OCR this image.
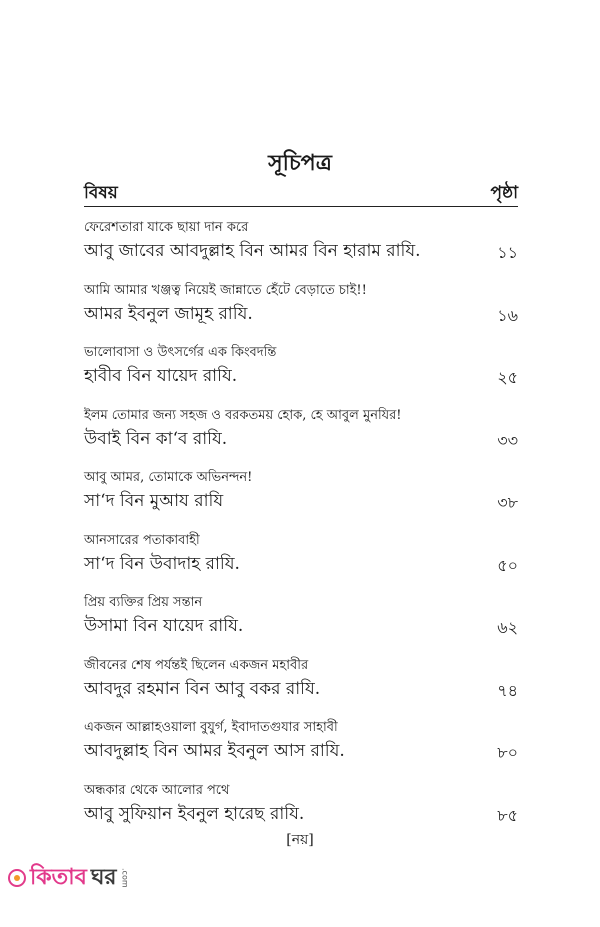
সূচিপত্র
বিষয়	পৃষ্ঠা
ফেরেশতারা যাকে ছায়া দান করে
আবু জাবের আবদুল্লাহ বিন আমর বিন হারাম রাযি.	১১
আমি আমার খঞ্জত্ব নিয়েই জান্নাতে হেঁটে বেড়াতে চাই!!
আমর ইবনুল জামূহ রাযি.	১৬
ভালোবাসা ও উৎসর্গের এক কিংবদন্তি
হাবীব বিন যায়েদ রাযি.	২৫
ইলম তোমার জন্য সহজ ও বরকতময় হোক, হে আবুল মুনযির!
উবাই বিন কা‘ব রাযি.	৩৩
আবু আমর, তোমাকে অভিনন্দন!
সা‘দ বিন মুআয রাযি	৩৮
আনসারের পতাকাবাহী
সা‘দ বিন উবাদাহ রাযি.	৫০
প্রিয় ব্যক্তির প্রিয় সন্তান
উসামা বিন যায়েদ রাযি.	৬২
জীবনের শেষ পর্যন্তই ছিলেন একজন মহাবীর
আবদুর রহমান বিন আবু বকর রাযি.	৭৪
একজন আল্লাহওয়ালা বুযুর্গ, ইবাদাতগুযার সাহাবী
আবদুল্লাহ বিন আমর ইবনুল আস রাযি.	৮০
অন্ধকার থেকে আলোর পথে
আবু সুফিয়ান ইবনুল হারেছ রাযি.	৮৫
[নয়]
কিতাব ঘর .com
